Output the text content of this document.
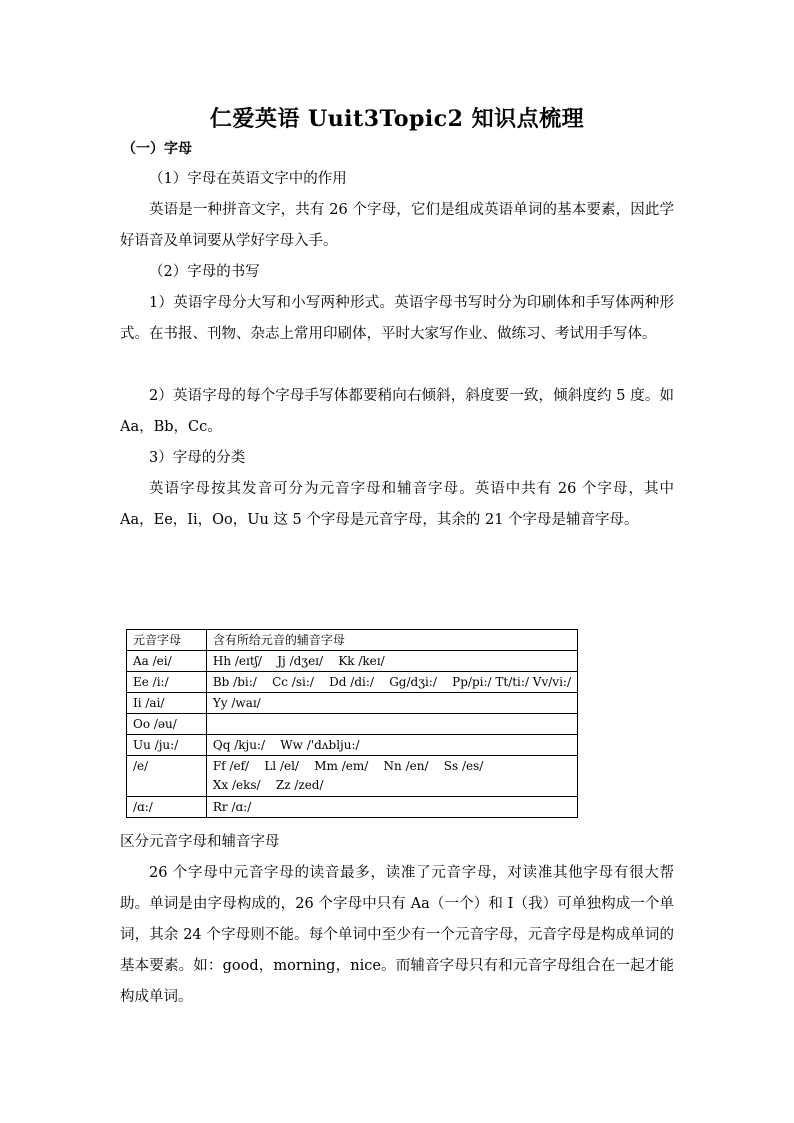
仁爱英语 Uuit3Topic2 知识点梳理
（一）字母
（1）字母在英语文字中的作用
英语是一种拼音文字，共有 26 个字母，它们是组成英语单词的基本要素，因此学好语音及单词要从学好字母入手。
（2）字母的书写
1）英语字母分大写和小写两种形式。英语字母书写时分为印刷体和手写体两种形式。在书报、刊物、杂志上常用印刷体，平时大家写作业、做练习、考试用手写体。
2）英语字母的每个字母手写体都要稍向右倾斜，斜度要一致，倾斜度约 5 度。如 Aa，Bb，Cc。
3）字母的分类
英语字母按其发音可分为元音字母和辅音字母。英语中共有 26 个字母，其中 Aa，Ee，Ii，Oo，Uu 这 5 个字母是元音字母，其余的 21 个字母是辅音字母。
元音字母	含有所给元音的辅音字母
Aa /ei/	Hh /eɪtʃ/    Jj /dʒeɪ/    Kk /keɪ/
Ee /i:/	Bb /bi:/    Cc /si:/    Dd /di:/    Gg/dʒi:/    Pp/pi:/ Tt/ti:/ Vv/vi:/
Ii /ai/	Yy /waɪ/
Oo /əu/	
Uu /ju:/	Qq /kju:/    Ww /'dʌblju:/
/e/	Ff /ef/    Ll /el/    Mm /em/    Nn /en/    Ss /es/
Xx /eks/    Zz /zed/

/ɑ:/	Rr /ɑ:/
区分元音字母和辅音字母
26 个字母中元音字母的读音最多，读准了元音字母，对读准其他字母有很大帮助。单词是由字母构成的，26 个字母中只有 Aa（一个）和 I（我）可单独构成一个单词，其余 24 个字母则不能。每个单词中至少有一个元音字母，元音字母是构成单词的基本要素。如：good，morning，nice。而辅音字母只有和元音字母组合在一起才能构成单词。
